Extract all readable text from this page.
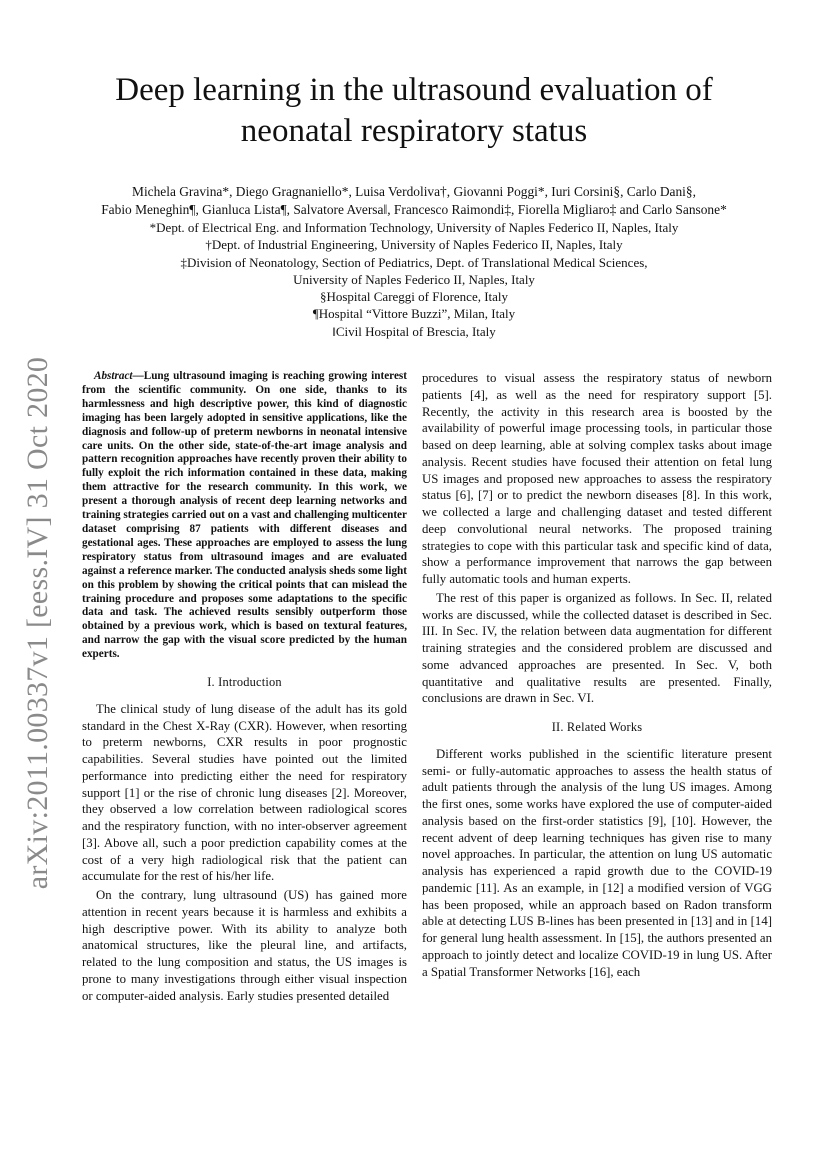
arXiv:2011.00337v1 [eess.IV] 31 Oct 2020
Deep learning in the ultrasound evaluation of neonatal respiratory status
Michela Gravina*, Diego Gragnaniello*, Luisa Verdoliva†, Giovanni Poggi*, Iuri Corsini§, Carlo Dani§,
Fabio Meneghin¶, Gianluca Lista¶, Salvatore Aversa‖, Francesco Raimondi‡, Fiorella Migliaro‡ and Carlo Sansone*
*Dept. of Electrical Eng. and Information Technology, University of Naples Federico II, Naples, Italy
†Dept. of Industrial Engineering, University of Naples Federico II, Naples, Italy
‡Division of Neonatology, Section of Pediatrics, Dept. of Translational Medical Sciences,
University of Naples Federico II, Naples, Italy
§Hospital Careggi of Florence, Italy
¶Hospital “Vittore Buzzi”, Milan, Italy
‖Civil Hospital of Brescia, Italy

Abstract—Lung ultrasound imaging is reaching growing interest from the scientific community. On one side, thanks to its harmlessness and high descriptive power, this kind of diagnostic imaging has been largely adopted in sensitive applications, like the diagnosis and follow-up of preterm newborns in neonatal intensive care units. On the other side, state-of-the-art image analysis and pattern recognition approaches have recently proven their ability to fully exploit the rich information contained in these data, making them attractive for the research community. In this work, we present a thorough analysis of recent deep learning networks and training strategies carried out on a vast and challenging multicenter dataset comprising 87 patients with different diseases and gestational ages. These approaches are employed to assess the lung respiratory status from ultrasound images and are evaluated against a reference marker. The conducted analysis sheds some light on this problem by showing the critical points that can mislead the training procedure and proposes some adaptations to the specific data and task. The achieved results sensibly outperform those obtained by a previous work, which is based on textural features, and narrow the gap with the visual score predicted by the human experts.

I. Introduction

The clinical study of lung disease of the adult has its gold standard in the Chest X-Ray (CXR). However, when resorting to preterm newborns, CXR results in poor prognostic capabilities. Several studies have pointed out the limited performance into predicting either the need for respiratory support [1] or the rise of chronic lung diseases [2]. Moreover, they observed a low correlation between radiological scores and the respiratory function, with no inter-observer agreement [3]. Above all, such a poor prediction capability comes at the cost of a very high radiological risk that the patient can accumulate for the rest of his/her life.

On the contrary, lung ultrasound (US) has gained more attention in recent years because it is harmless and exhibits a high descriptive power. With its ability to analyze both anatomical structures, like the pleural line, and artifacts, related to the lung composition and status, the US images is prone to many investigations through either visual inspection or computer-aided analysis. Early studies presented detailed

procedures to visual assess the respiratory status of newborn patients [4], as well as the need for respiratory support [5]. Recently, the activity in this research area is boosted by the availability of powerful image processing tools, in particular those based on deep learning, able at solving complex tasks about image analysis. Recent studies have focused their attention on fetal lung US images and proposed new approaches to assess the respiratory status [6], [7] or to predict the newborn diseases [8]. In this work, we collected a large and challenging dataset and tested different deep convolutional neural networks. The proposed training strategies to cope with this particular task and specific kind of data, show a performance improvement that narrows the gap between fully automatic tools and human experts.

The rest of this paper is organized as follows. In Sec. II, related works are discussed, while the collected dataset is described in Sec. III. In Sec. IV, the relation between data augmentation for different training strategies and the considered problem are discussed and some advanced approaches are presented. In Sec. V, both quantitative and qualitative results are presented. Finally, conclusions are drawn in Sec. VI.

II. Related Works

Different works published in the scientific literature present semi- or fully-automatic approaches to assess the health status of adult patients through the analysis of the lung US images. Among the first ones, some works have explored the use of computer-aided analysis based on the first-order statistics [9], [10]. However, the recent advent of deep learning techniques has given rise to many novel approaches. In particular, the attention on lung US automatic analysis has experienced a rapid growth due to the COVID-19 pandemic [11]. As an example, in [12] a modified version of VGG has been proposed, while an approach based on Radon transform able at detecting LUS B-lines has been presented in [13] and in [14] for general lung health assessment. In [15], the authors presented an approach to jointly detect and localize COVID-19 in lung US. After a Spatial Transformer Networks [16], each
